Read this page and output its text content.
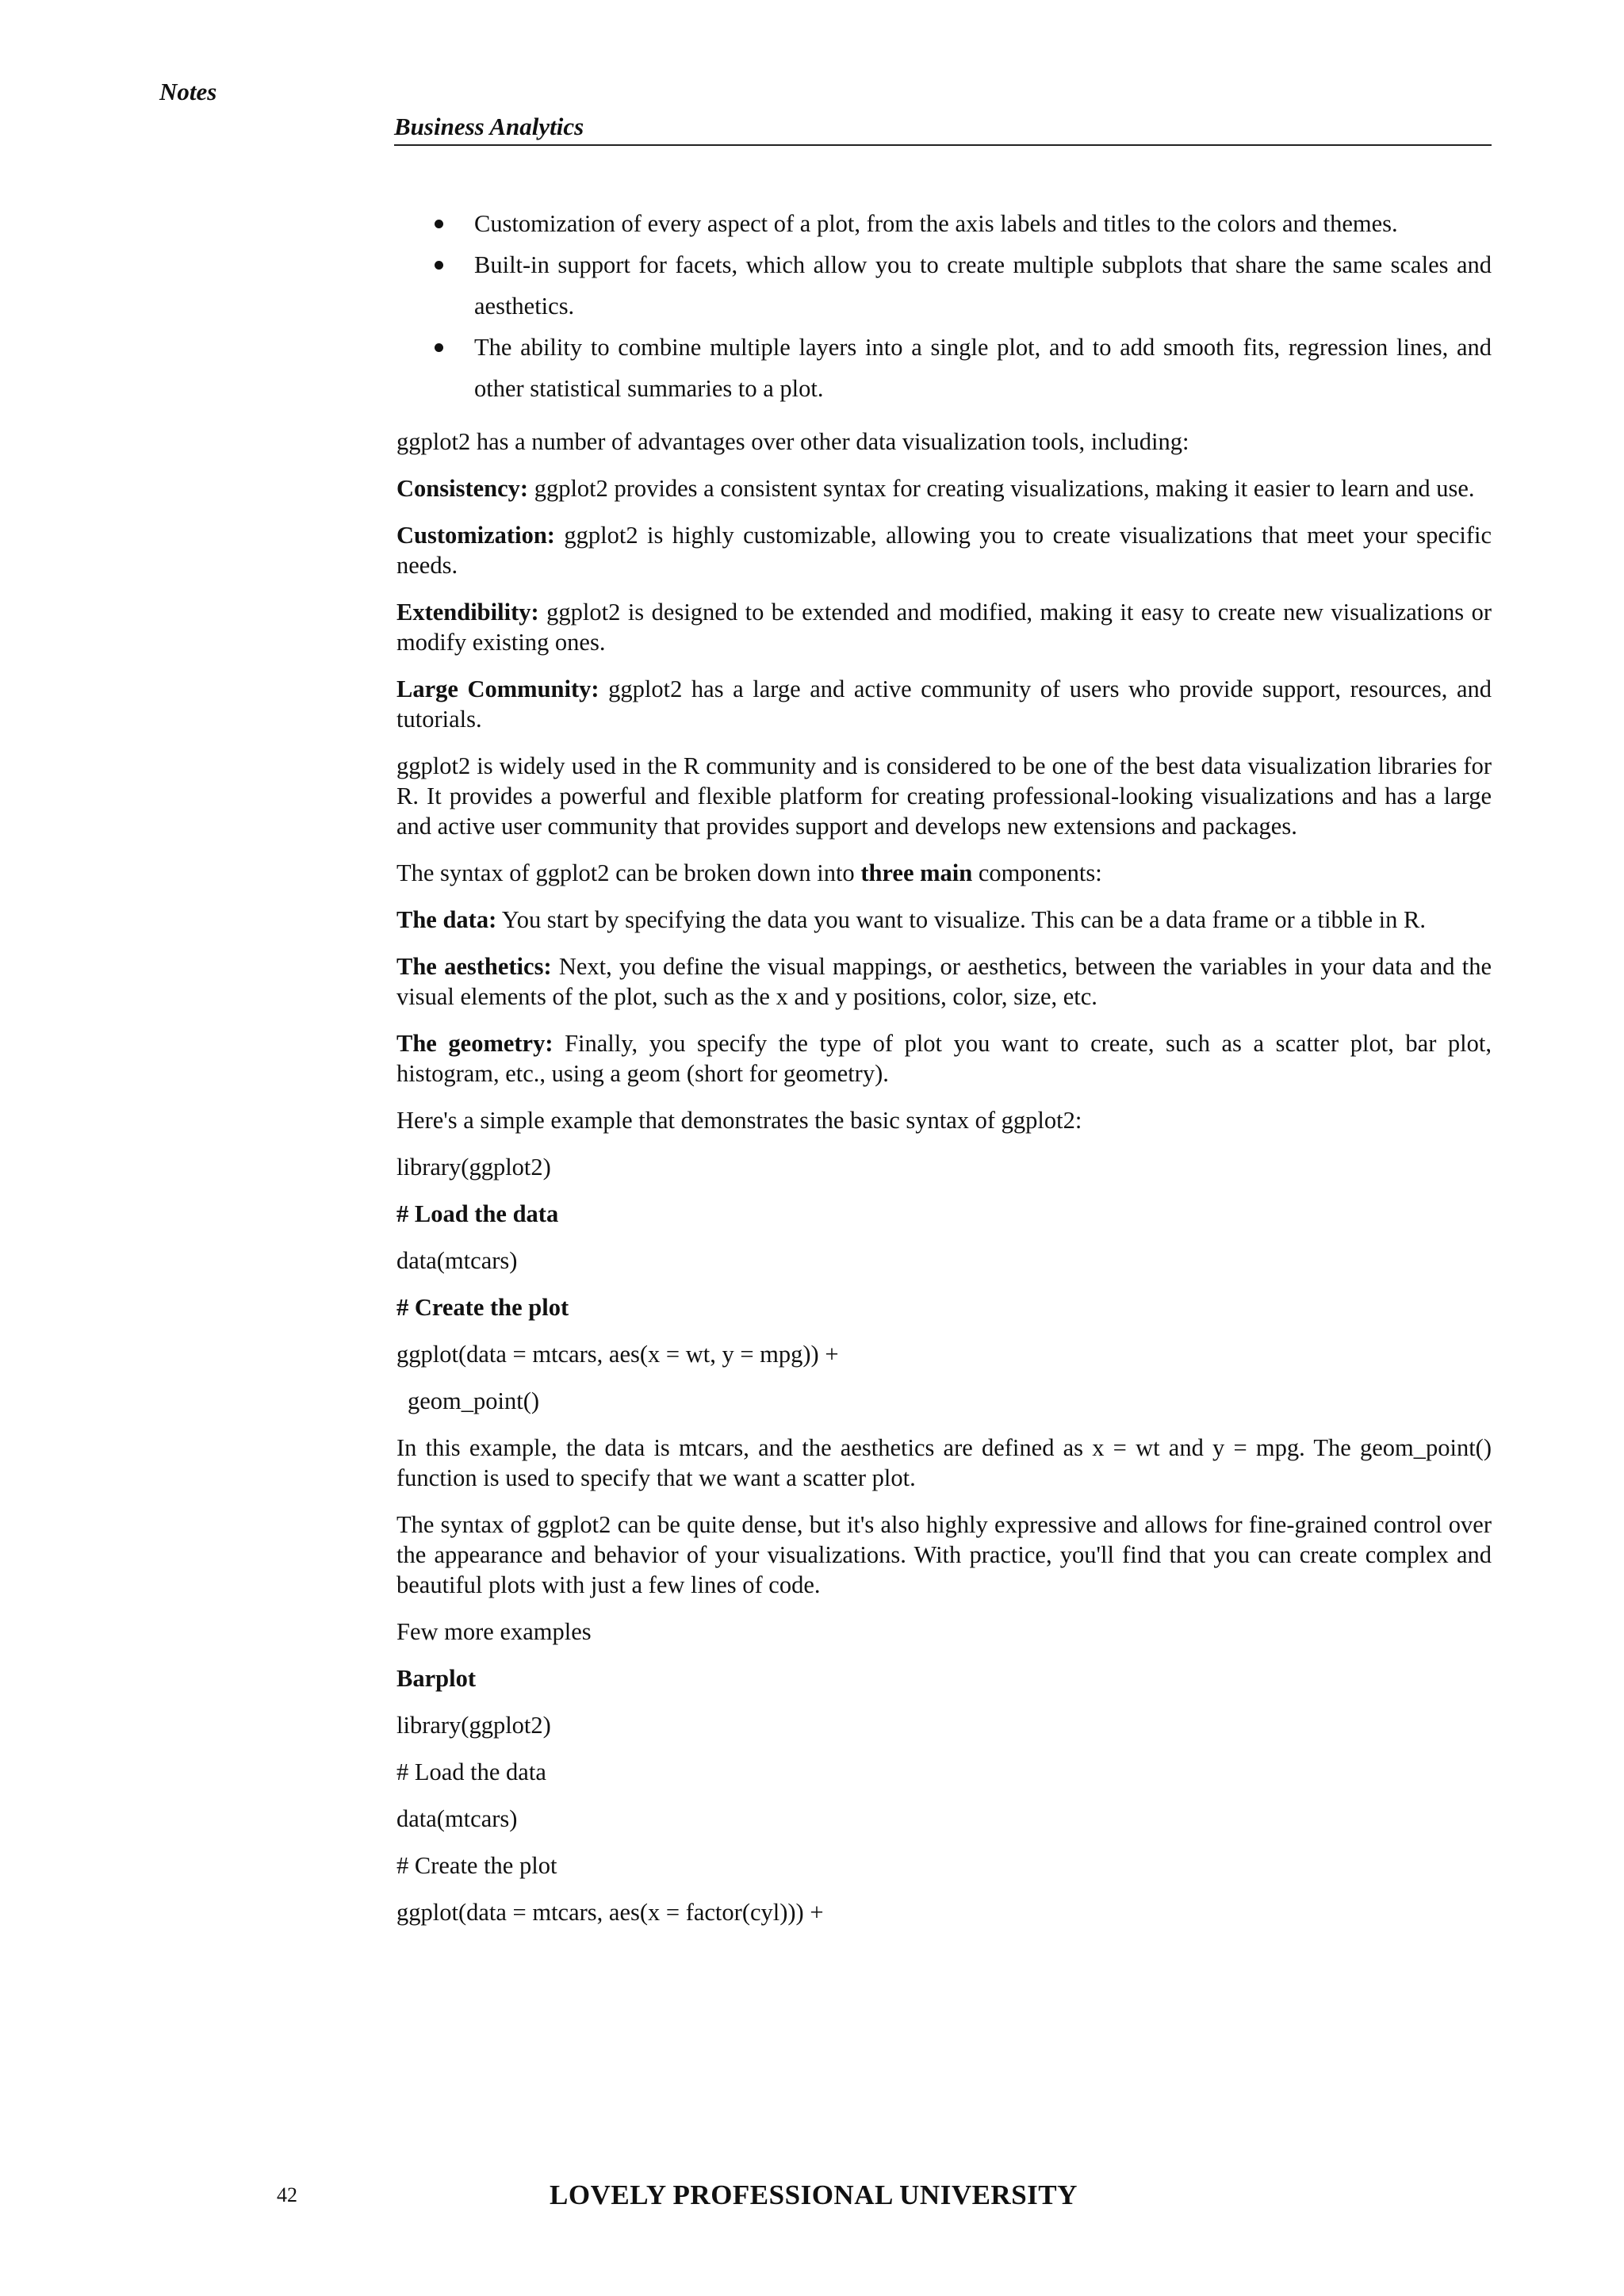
Notes
Business Analytics
Customization of every aspect of a plot, from the axis labels and titles to the colors and themes.
Built-in support for facets, which allow you to create multiple subplots that share the same scales and aesthetics.
The ability to combine multiple layers into a single plot, and to add smooth fits, regression lines, and other statistical summaries to a plot.

ggplot2 has a number of advantages over other data visualization tools, including:

Consistency: ggplot2 provides a consistent syntax for creating visualizations, making it easier to learn and use.

Customization: ggplot2 is highly customizable, allowing you to create visualizations that meet your specific needs.

Extendibility: ggplot2 is designed to be extended and modified, making it easy to create new visualizations or modify existing ones.

Large Community: ggplot2 has a large and active community of users who provide support, resources, and tutorials.

ggplot2 is widely used in the R community and is considered to be one of the best data visualization libraries for R. It provides a powerful and flexible platform for creating professional-looking visualizations and has a large and active user community that provides support and develops new extensions and packages.

The syntax of ggplot2 can be broken down into three main components:

The data: You start by specifying the data you want to visualize. This can be a data frame or a tibble in R.

The aesthetics: Next, you define the visual mappings, or aesthetics, between the variables in your data and the visual elements of the plot, such as the x and y positions, color, size, etc.

The geometry: Finally, you specify the type of plot you want to create, such as a scatter plot, bar plot, histogram, etc., using a geom (short for geometry).

Here's a simple example that demonstrates the basic syntax of ggplot2:

library(ggplot2)

# Load the data

data(mtcars)

# Create the plot

ggplot(data = mtcars, aes(x = wt, y = mpg)) +

geom_point()

In this example, the data is mtcars, and the aesthetics are defined as x = wt and y = mpg. The geom_point() function is used to specify that we want a scatter plot.

The syntax of ggplot2 can be quite dense, but it's also highly expressive and allows for fine-grained control over the appearance and behavior of your visualizations. With practice, you'll find that you can create complex and beautiful plots with just a few lines of code.

Few more examples

Barplot

library(ggplot2)

# Load the data

data(mtcars)

# Create the plot

ggplot(data = mtcars, aes(x = factor(cyl))) +

42	LOVELY PROFESSIONAL UNIVERSITY
